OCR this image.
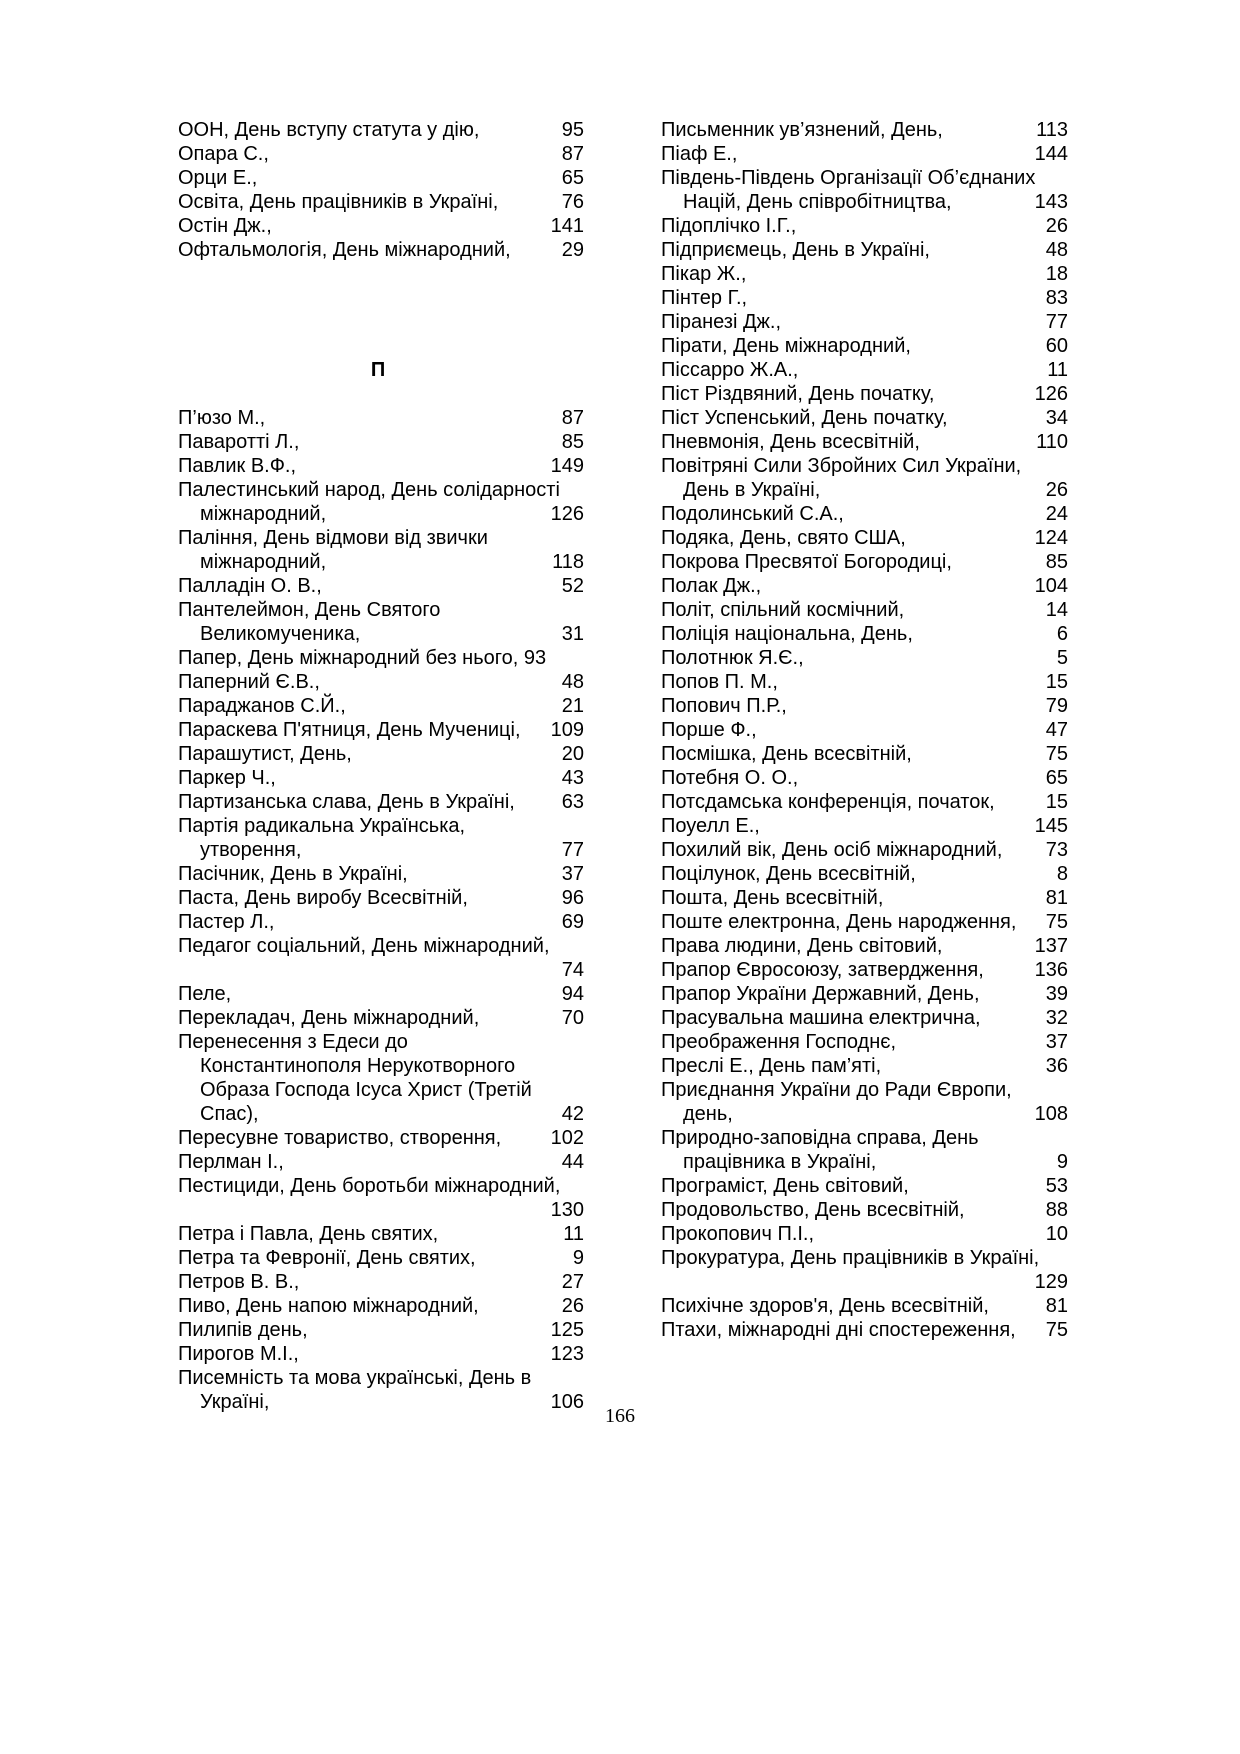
ООН, День вступу статута у дію,	95
Опара С.,	87
Орци Е.,	65
Освіта, День працівників в Україні,	76
Остін Дж.,	141
Офтальмологія, День міжнародний,	29
П
П’юзо М.,	87
Паваротті Л.,	85
Павлик В.Ф.,	149
Палестинський народ, День солідарності
міжнародний,	126
Паління, День відмови від звички
міжнародний,	118
Палладін О. В.,	52
Пантелеймон, День Святого
Великомученика,	31
Папер, День міжнародний без нього, 93
Паперний Є.В.,	48
Параджанов С.Й.,	21
Параскева П'ятниця, День Мучениці,	109
Парашутист, День,	20
Паркер Ч.,	43
Партизанська слава, День в Україні,	63
Партія радикальна Українська,
утворення,	77
Пасічник, День в Україні,	37
Паста, День виробу Всесвітній,	96
Пастер Л.,	69
Педагог соціальний, День міжнародний,
74
Пеле,	94
Перекладач, День міжнародний,	70
Перенесення з Едеси до
Константинополя Нерукотворного
Образа Господа Ісуса Христ (Третій
Спас),	42
Пересувне товариство, створення,	102
Перлман І.,	44
Пестициди, День боротьби міжнародний,
130
Петра і Павла, День святих,	11
Петра та Февронії, День святих,	9
Петров В. В.,	27
Пиво, День напою міжнародний,	26
Пилипів день,	125
Пирогов М.І.,	123
Писемність та мова українські, День в
Україні,	106
Письменник ув’язнений, День,	113
Піаф Е.,	144
Південь-Південь Організації Об’єднаних
Націй, День співробітництва,	143
Підоплічко І.Г.,	26
Підприємець, День в Україні,	48
Пікар Ж.,	18
Пінтер Г.,	83
Піранезі Дж.,	77
Пірати, День міжнародний,	60
Піссарро Ж.А.,	11
Піст Різдвяний, День початку,	126
Піст Успенський, День початку,	34
Пневмонія, День всесвітній,	110
Повітряні Сили Збройних Сил України,
День в Україні,	26
Подолинський С.А.,	24
Подяка, День, свято США,	124
Покрова Пресвятої Богородиці,	85
Полак Дж.,	104
Політ, спільний космічний,	14
Поліція національна, День,	6
Полотнюк Я.Є.,	5
Попов П. М.,	15
Попович П.Р.,	79
Порше Ф.,	47
Посмішка, День всесвітній,	75
Потебня О. О.,	65
Потсдамська конференція, початок,	15
Поуелл Е.,	145
Похилий вік, День осіб міжнародний,	73
Поцілунок, День всесвітній,	8
Пошта, День всесвітній,	81
Поште електронна, День народження,	75
Права людини, День світовий,	137
Прапор Євросоюзу, затвердження,	136
Прапор України Державний, День,	39
Прасувальна машина електрична,	32
Преображення Господнє,	37
Преслі Е., День пам’яті,	36
Приєднання України до Ради Європи,
день,	108
Природно-заповідна справа, День
працівника в Україні,	9
Програміст, День світовий,	53
Продовольство, День всесвітній,	88
Прокопович П.І.,	10
Прокуратура, День працівників в Україні,
129
Психічне здоров'я, День всесвітній,	81
Птахи, міжнародні дні спостереження,	75
166
